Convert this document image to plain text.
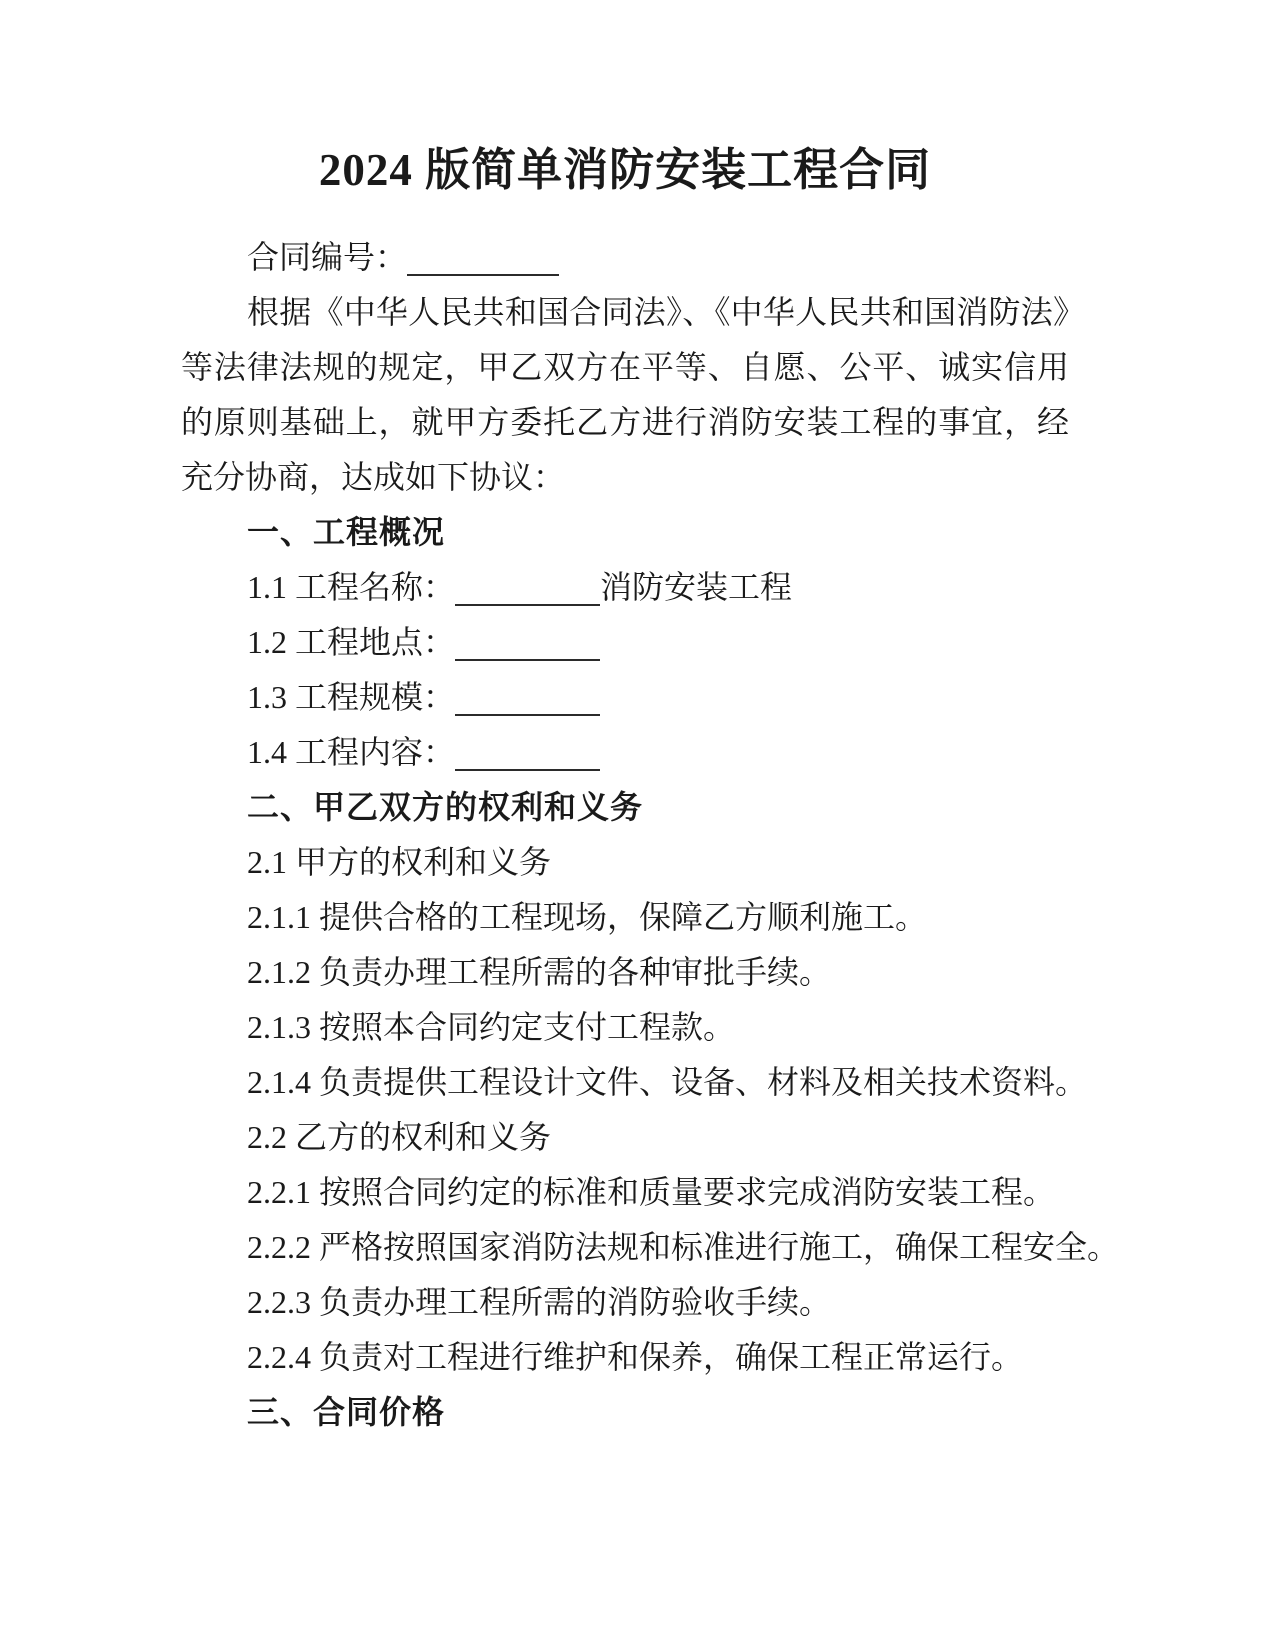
2024 版简单消防安装工程合同
合同编号：

根据《中华人民共和国合同法》、《中华人民共和国消防法》等法律法规的规定，甲乙双方在平等、自愿、公平、诚实信用的原则基础上，就甲方委托乙方进行消防安装工程的事宜，经充分协商，达成如下协议：

一、工程概况
1.1 工程名称：	消防安装工程
1.2 工程地点：
1.3 工程规模：
1.4 工程内容：
二、甲乙双方的权利和义务
2.1 甲方的权利和义务
2.1.1 提供合格的工程现场，保障乙方顺利施工。
2.1.2 负责办理工程所需的各种审批手续。
2.1.3 按照本合同约定支付工程款。
2.1.4 负责提供工程设计文件、设备、材料及相关技术资料。
2.2 乙方的权利和义务
2.2.1 按照合同约定的标准和质量要求完成消防安装工程。
2.2.2 严格按照国家消防法规和标准进行施工，确保工程安全。
2.2.3 负责办理工程所需的消防验收手续。
2.2.4 负责对工程进行维护和保养，确保工程正常运行。
三、合同价格
